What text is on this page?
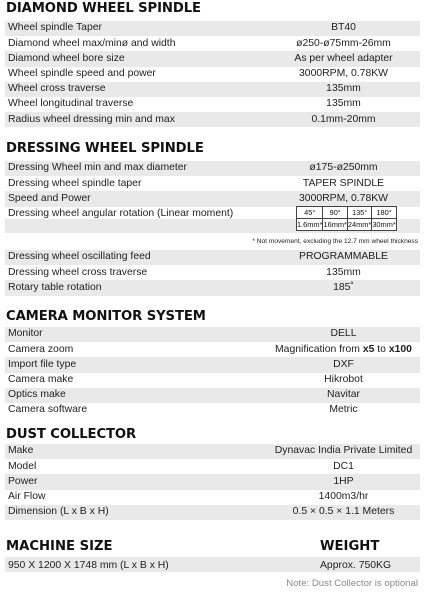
DIAMOND WHEEL SPINDLE
Wheel spindle Taper	BT40
Diamond wheel max/minø and width	ø250-ø75mm-26mm
Diamond wheel bore size	As per wheel adapter
Wheel spindle speed and power	3000RPM, 0.78KW
Wheel cross traverse	135mm
Wheel longitudinal traverse	135mm
Radius wheel dressing min and max	0.1mm-20mm
DRESSING WHEEL SPINDLE
Dressing Wheel min and max diameter	ø175-ø250mm
Dressing wheel spindle taper	TAPER SPINDLE
Speed and Power	3000RPM, 0.78KW
Dressing wheel angular rotation (Linear moment)	45°	90°	135°	180°
1.6mm*	16mm*	24mm*	30mm*
* Not movement, excluding the 12.7 mm wheel thickness
Dressing wheel oscillating feed	PROGRAMMABLE
Dressing wheel cross traverse	135mm
Rotary table rotation	185˚
CAMERA MONITOR SYSTEM
Monitor	DELL
Camera zoom	Magnification from x5 to x100
Import file type	DXF
Camera make	Hikrobot
Optics make	Navitar
Camera software	Metric
DUST COLLECTOR
Make	Dynavac India Private Limited
Model	DC1
Power	1HP
Air Flow	1400m3/hr
Dimension (L x B x H)	0.5 × 0.5 × 1.1 Meters
MACHINE SIZE	WEIGHT
950 X 1200 X 1748 mm (L x B x H)	Approx. 750KG
Note: Dust Collector is optional
